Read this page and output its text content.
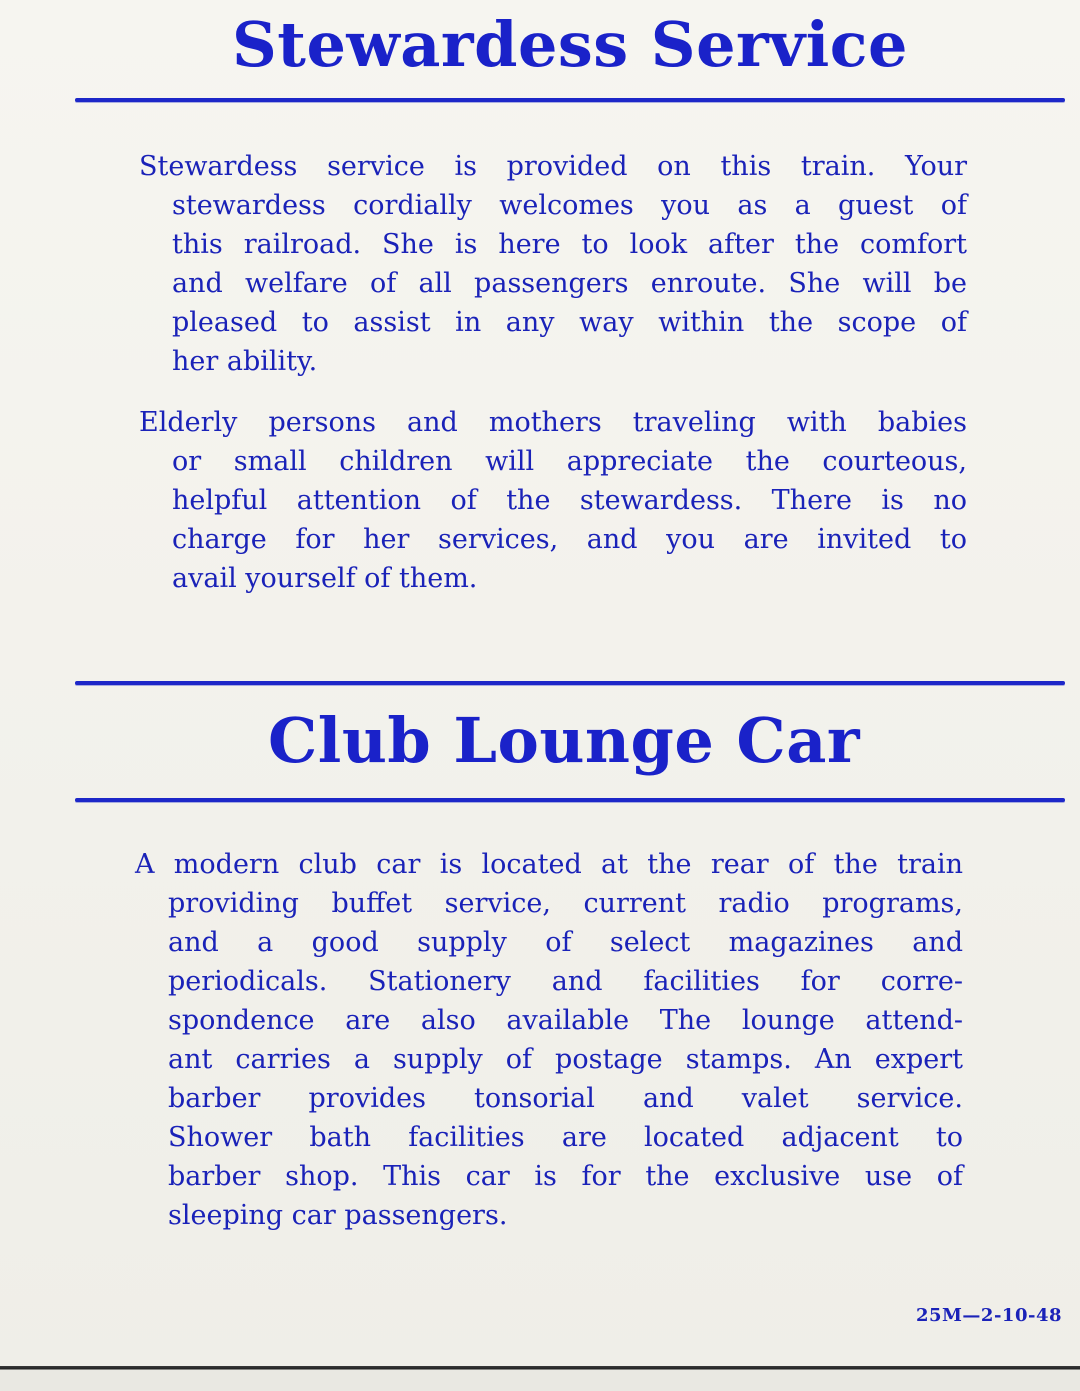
Stewardess Service
Stewardess service is provided on this train. Your
stewardess cordially welcomes you as a guest of
this railroad. She is here to look after the comfort
and welfare of all passengers enroute. She will be
pleased to assist in any way within the scope of
her ability.
Elderly persons and mothers traveling with babies
or small children will appreciate the courteous,
helpful attention of the stewardess. There is no
charge for her services, and you are invited to
avail yourself of them.
Club Lounge Car
A modern club car is located at the rear of the train
providing buffet service, current radio programs,
and a good supply of select magazines and
periodicals. Stationery and facilities for corre-
spondence are also available The lounge attend-
ant carries a supply of postage stamps. An expert
barber provides tonsorial and valet service.
Shower bath facilities are located adjacent to
barber shop. This car is for the exclusive use of
sleeping car passengers.
25M—2-10-48
